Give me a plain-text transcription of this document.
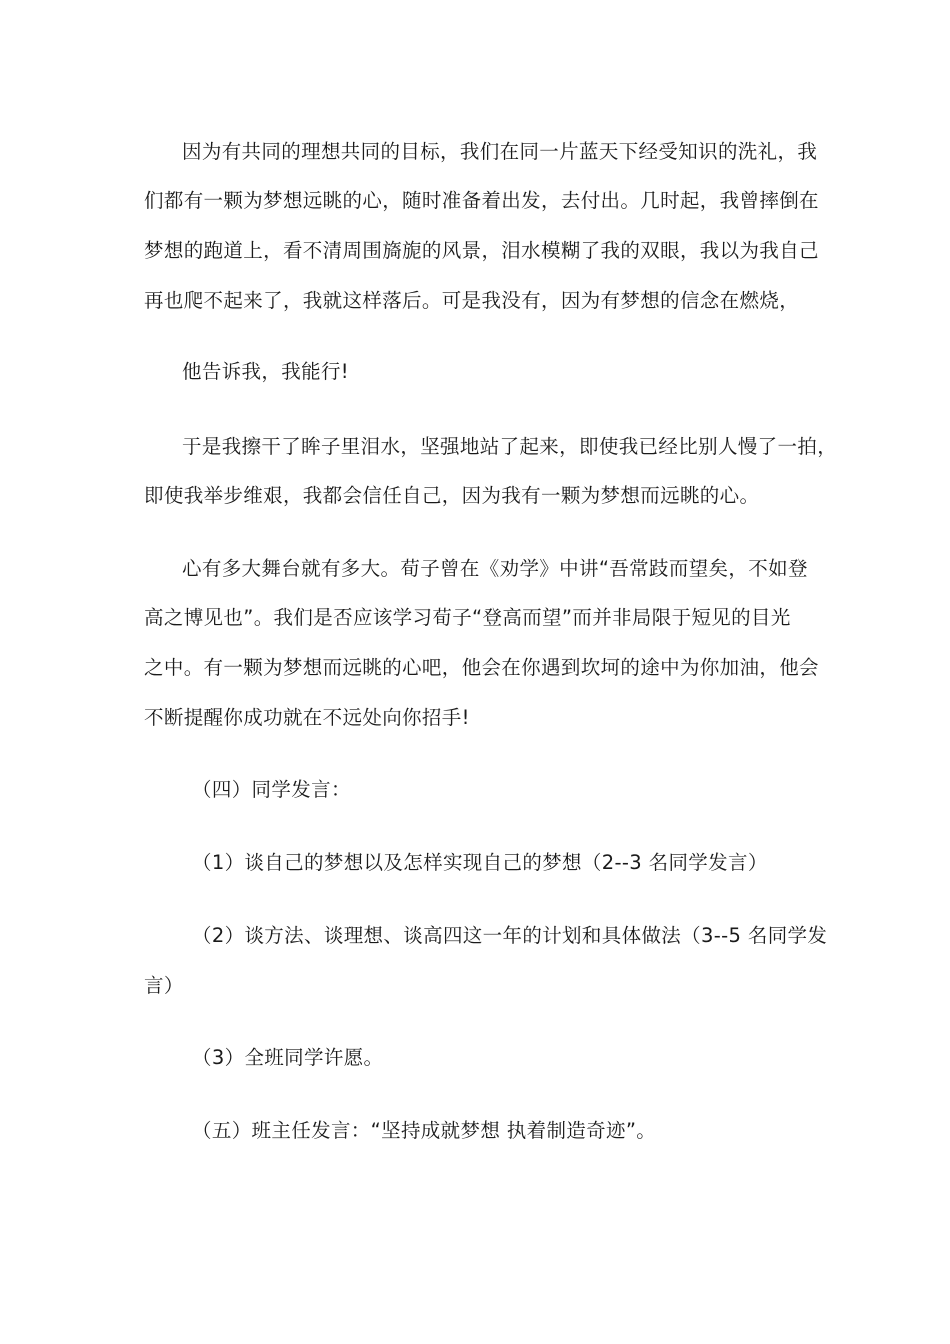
因为有共同的理想共同的目标，我们在同一片蓝天下经受知识的洗礼，我
们都有一颗为梦想远眺的心，随时准备着出发，去付出。几时起，我曾摔倒在
梦想的跑道上，看不清周围旖旎的风景，泪水模糊了我的双眼，我以为我自己
再也爬不起来了，我就这样落后。可是我没有，因为有梦想的信念在燃烧，
他告诉我，我能行!
于是我擦干了眸子里泪水，坚强地站了起来，即使我已经比别人慢了一拍，
即使我举步维艰，我都会信任自己，因为我有一颗为梦想而远眺的心。
心有多大舞台就有多大。荀子曾在《劝学》中讲“吾常跂而望矣，不如登
高之博见也”。我们是否应该学习荀子“登高而望”而并非局限于短见的目光
之中。有一颗为梦想而远眺的心吧，他会在你遇到坎坷的途中为你加油，他会
不断提醒你成功就在不远处向你招手!
（四）同学发言：
（1）谈自己的梦想以及怎样实现自己的梦想（2--3 名同学发言）
（2）谈方法、谈理想、谈高四这一年的计划和具体做法（3--5 名同学发
言）
（3）全班同学许愿。
（五）班主任发言：“坚持成就梦想 执着制造奇迹”。
